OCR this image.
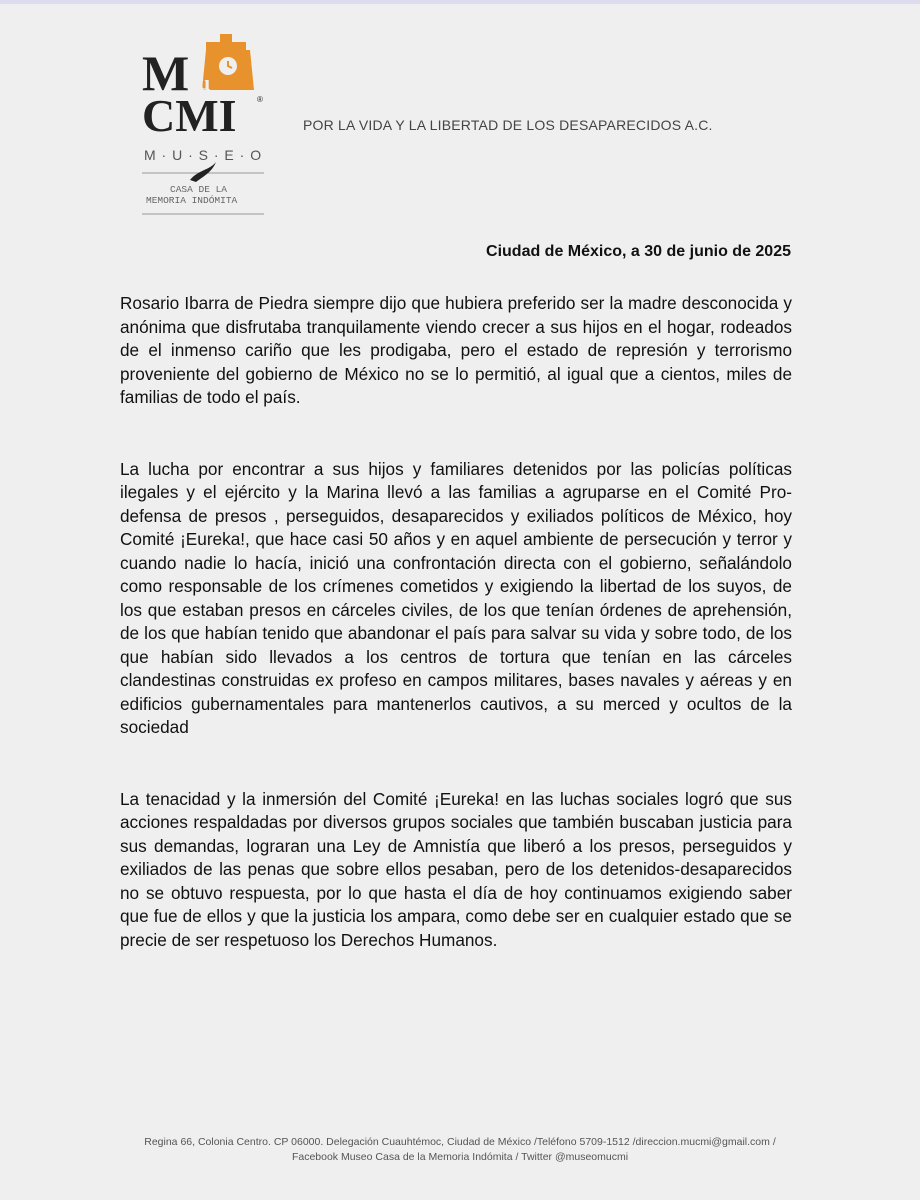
M u
CMI	®
M · U · S · E · O
CASA DE LA
MEMORIA INDÓMITA
POR LA VIDA Y LA LIBERTAD DE LOS DESAPARECIDOS A.C.
Ciudad de México, a 30 de junio de 2025

Rosario Ibarra de Piedra siempre dijo que hubiera preferido ser la madre desconocida y anónima que disfrutaba tranquilamente viendo crecer a sus hijos en el hogar, rodeados de el inmenso cariño que les prodigaba, pero el estado de represión y terrorismo proveniente del gobierno de México no se lo permitió, al igual que a cientos, miles de familias de todo el país.

La lucha por encontrar a sus hijos y familiares detenidos por las policías políticas ilegales y el ejército y la Marina llevó a las familias a agruparse en el Comité Pro-defensa de presos , perseguidos, desaparecidos y exiliados políticos de México, hoy Comité ¡Eureka!, que hace casi 50 años y en aquel ambiente de persecución y terror y cuando nadie lo hacía, inició una confrontación directa con el gobierno, señalándolo como responsable de los crímenes cometidos y exigiendo la libertad de los suyos, de los que estaban presos en cárceles civiles, de los que tenían órdenes de aprehensión, de los que habían tenido que abandonar el país para salvar su vida y sobre todo, de los que habían sido llevados a los centros de tortura que tenían en las cárceles clandestinas construidas ex profeso en campos militares, bases navales y aéreas y en edificios gubernamentales para mantenerlos cautivos, a su merced y ocultos de la sociedad

La tenacidad y la inmersión del Comité ¡Eureka! en las luchas sociales logró que sus acciones respaldadas por diversos grupos sociales que también buscaban justicia para sus demandas, lograran una Ley de Amnistía que liberó a los presos, perseguidos y exiliados de las penas que sobre ellos pesaban, pero de los detenidos-desaparecidos no se obtuvo respuesta, por lo que hasta el día de hoy continuamos exigiendo saber que fue de ellos y que la justicia los ampara, como debe ser en cualquier estado que se precie de ser respetuoso los Derechos Humanos.

Regina 66, Colonia Centro. CP 06000. Delegación Cuauhtémoc, Ciudad de México /Teléfono 5709-1512 /direccion.mucmi@gmail.com /
Facebook Museo Casa de la Memoria Indómita / Twitter @museomucmi
